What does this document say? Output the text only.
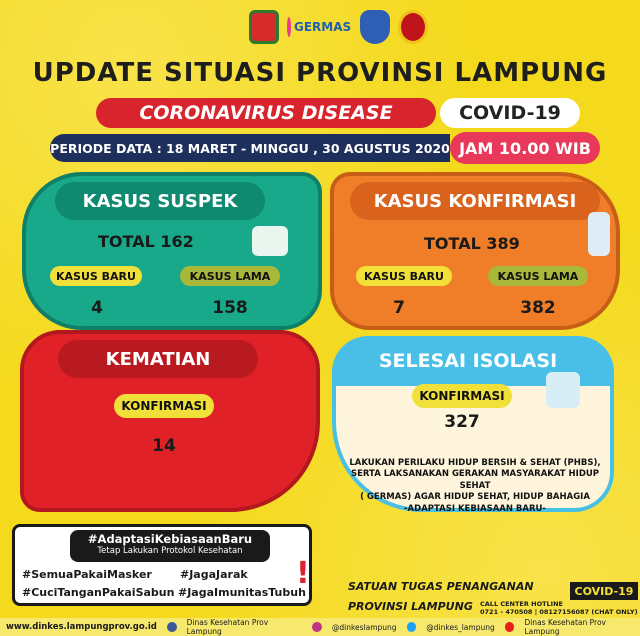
GERMAS
UPDATE SITUASI PROVINSI LAMPUNG
CORONAVIRUS DISEASE	COVID-19
PERIODE DATA : 18 MARET - MINGGU , 30 AGUSTUS 2020 JAM 10.00 WIB
KASUS SUSPEK
TOTAL 162
KASUS BARU	KASUS LAMA
4	158
KASUS KONFIRMASI
TOTAL 389
KASUS BARU	KASUS LAMA
7	382
KEMATIAN
KONFIRMASI
14
SELESAI ISOLASI
KONFIRMASI
327
LAKUKAN PERILAKU HIDUP BERSIH & SEHAT (PHBS),
SERTA LAKSANAKAN GERAKAN MASYARAKAT HIDUP SEHAT
( GERMAS) AGAR HIDUP SEHAT, HIDUP BAHAGIA
-ADAPTASI KEBIASAAN BARU-
#AdaptasiKebiasaanBaru
Tetap Lakukan Protokol Kesehatan
#SemuaPakaiMasker	#JagaJarak
#CuciTanganPakaiSabun #JagaImunitasTubuh
!	SATUAN TUGAS PENANGANAN	COVID-19
PROVINSI LAMPUNG	CALL CENTER HOTLINE
0721 - 470508 | 08127156087 (CHAT ONLY)
www.dinkes.lampungprov.go.id	Dinas Kesehatan Prov Lampung	@dinkeslampung	@dinkes_lampung	Dinas Kesehatan Prov Lampung
